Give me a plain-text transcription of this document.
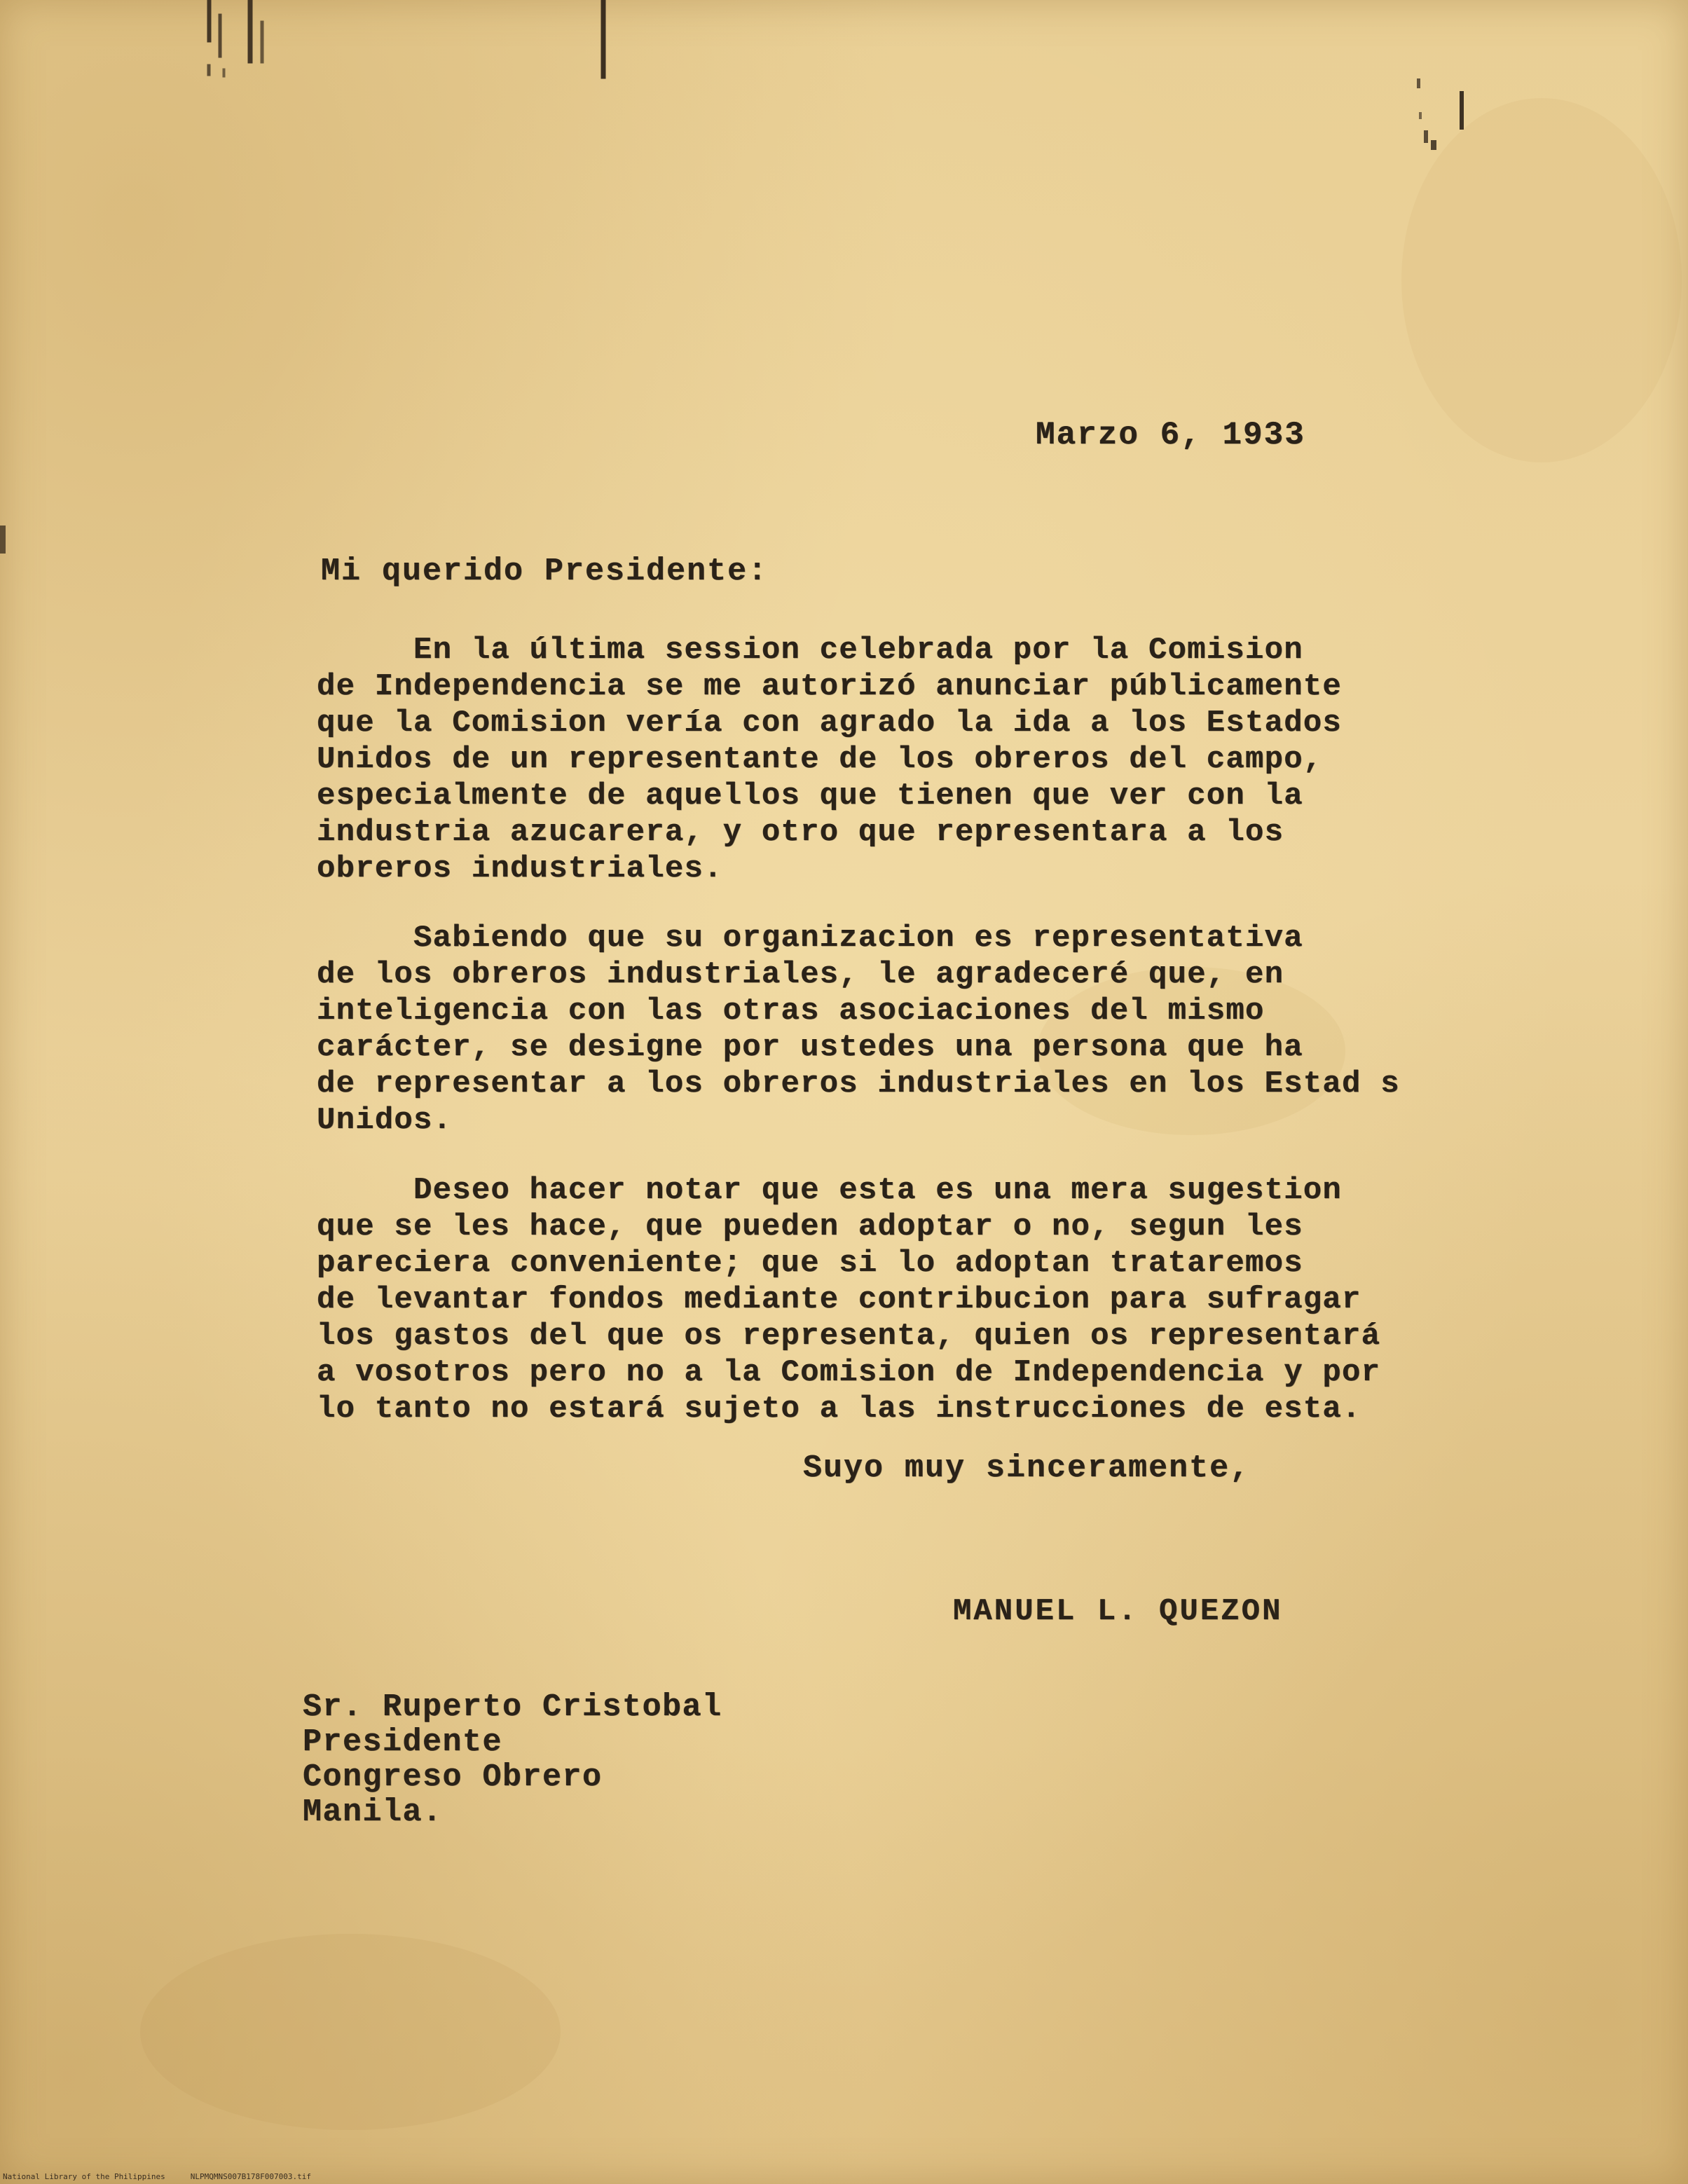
Marzo 6, 1933

Mi querido Presidente:

En la última session celebrada por la Comision
de Independencia se me autorizó anunciar públicamente
que la Comision vería con agrado la ida a los Estados
Unidos de un representante de los obreros del campo,
especialmente de aquellos que tienen que ver con la
industria azucarera, y otro que representara a los
obreros industriales.
Sabiendo que su organizacion es representativa
de los obreros industriales, le agradeceré que, en
inteligencia con las otras asociaciones del mismo
carácter, se designe por ustedes una persona que ha
de representar a los obreros industriales en los Estad s
Unidos.
Deseo hacer notar que esta es una mera sugestion
que se les hace, que pueden adoptar o no, segun les
pareciera conveniente; que si lo adoptan trataremos
de levantar fondos mediante contribucion para sufragar
los gastos del que os representa, quien os representará
a vosotros pero no a la Comision de Independencia y por
lo tanto no estará sujeto a las instrucciones de esta.

Suyo muy sinceramente,

MANUEL L. QUEZON

Sr. Ruperto Cristobal
Presidente
Congreso Obrero
Manila.
National Library of the Philippines	NLPMQMNS007B178F007003.tif
